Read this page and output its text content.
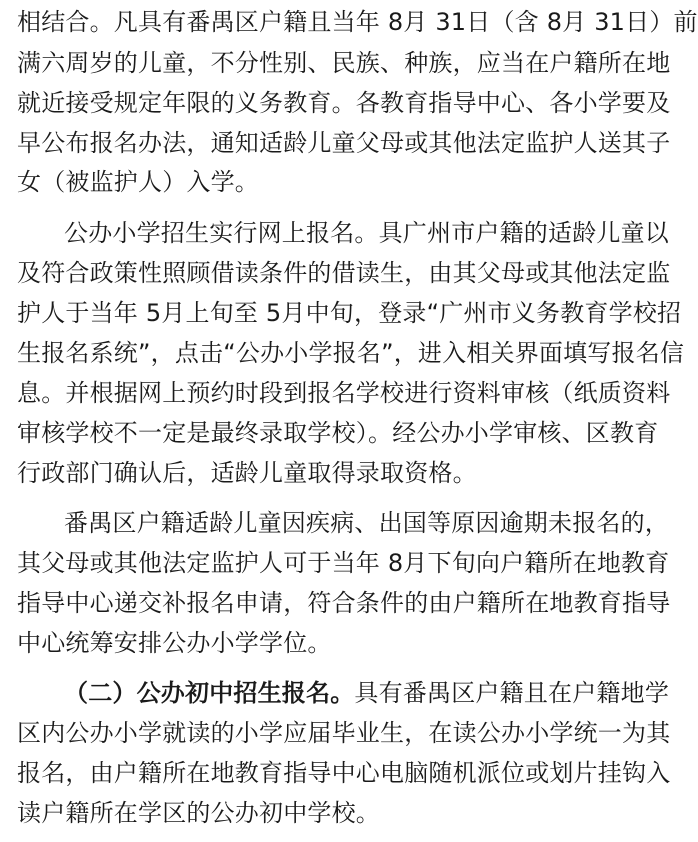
相结合。凡具有番禺区户籍且当年 8月 31日（含 8月 31日）前
满六周岁的儿童，不分性别、民族、种族，应当在户籍所在地
就近接受规定年限的义务教育。各教育指导中心、各小学要及
早公布报名办法，通知适龄儿童父母或其他法定监护人送其子
女（被监护人）入学。
公办小学招生实行网上报名。具广州市户籍的适龄儿童以
及符合政策性照顾借读条件的借读生，由其父母或其他法定监
护人于当年 5月上旬至 5月中旬，登录“广州市义务教育学校招
生报名系统”，点击“公办小学报名”，进入相关界面填写报名信
息。并根据网上预约时段到报名学校进行资料审核（纸质资料
审核学校不一定是最终录取学校）。经公办小学审核、区教育
行政部门确认后，适龄儿童取得录取资格。
番禺区户籍适龄儿童因疾病、出国等原因逾期未报名的，
其父母或其他法定监护人可于当年 8月下旬向户籍所在地教育
指导中心递交补报名申请，符合条件的由户籍所在地教育指导
中心统筹安排公办小学学位。
（二）公办初中招生报名。具有番禺区户籍且在户籍地学
区内公办小学就读的小学应届毕业生，在读公办小学统一为其
报名，由户籍所在地教育指导中心电脑随机派位或划片挂钩入
读户籍所在学区的公办初中学校。
